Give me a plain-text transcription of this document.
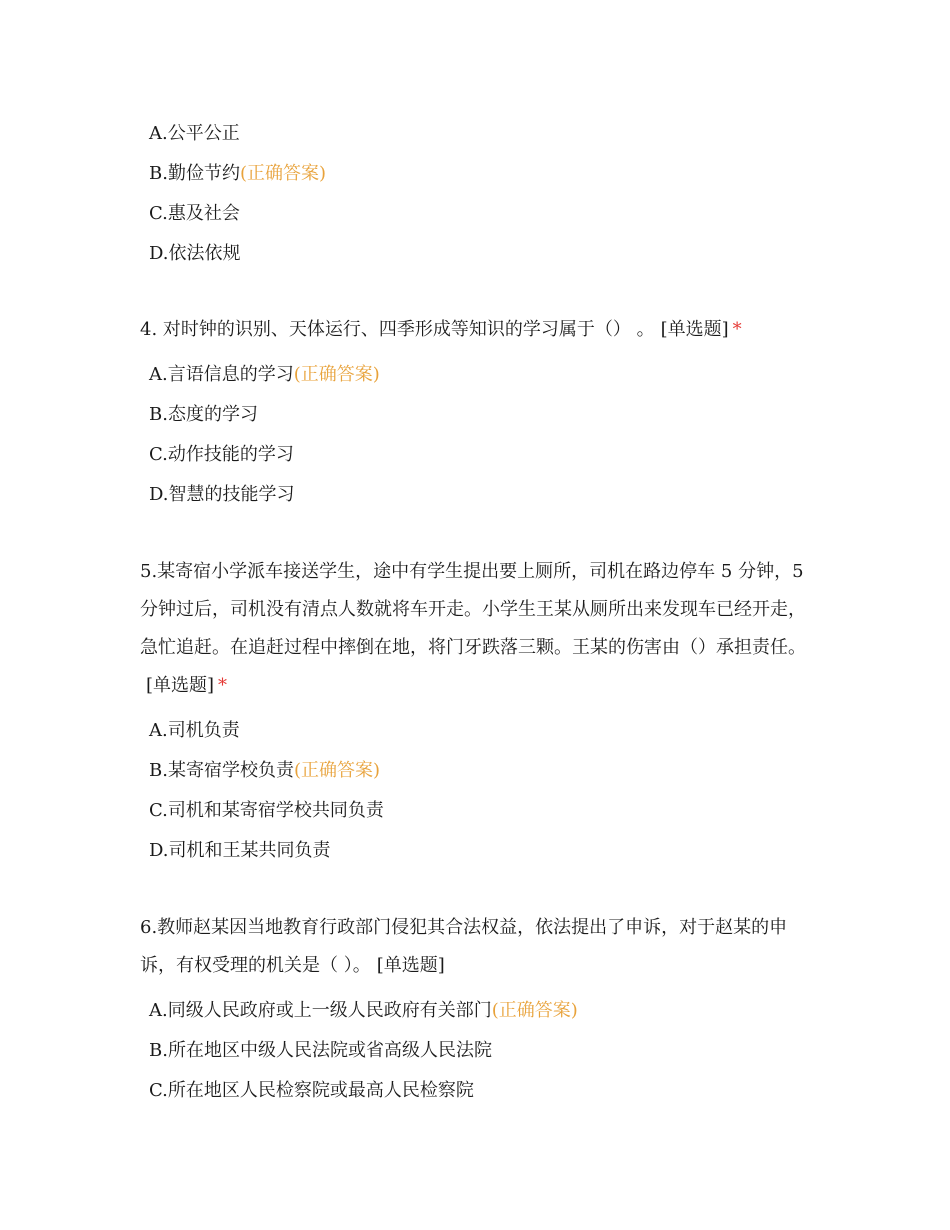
A.公平公正
B.勤俭节约(正确答案)
C.惠及社会
D.依法依规

4. 对时钟的识别、天体运行、四季形成等知识的学习属于（） 。 [单选题] *

A.言语信息的学习(正确答案)
B.态度的学习
C.动作技能的学习
D.智慧的技能学习

5.某寄宿小学派车接送学生，途中有学生提出要上厕所，司机在路边停车 5 分钟，5 分钟过后，司机没有清点人数就将车开走。小学生王某从厕所出来发现车已经开走，急忙追赶。在追赶过程中摔倒在地，将门牙跌落三颗。王某的伤害由（）承担责任。[单选题] *

A.司机负责
B.某寄宿学校负责(正确答案)
C.司机和某寄宿学校共同负责
D.司机和王某共同负责

6.教师赵某因当地教育行政部门侵犯其合法权益，依法提出了申诉，对于赵某的申诉，有权受理的机关是（ ）。 [单选题]

A.同级人民政府或上一级人民政府有关部门(正确答案)
B.所在地区中级人民法院或省高级人民法院
C.所在地区人民检察院或最高人民检察院
